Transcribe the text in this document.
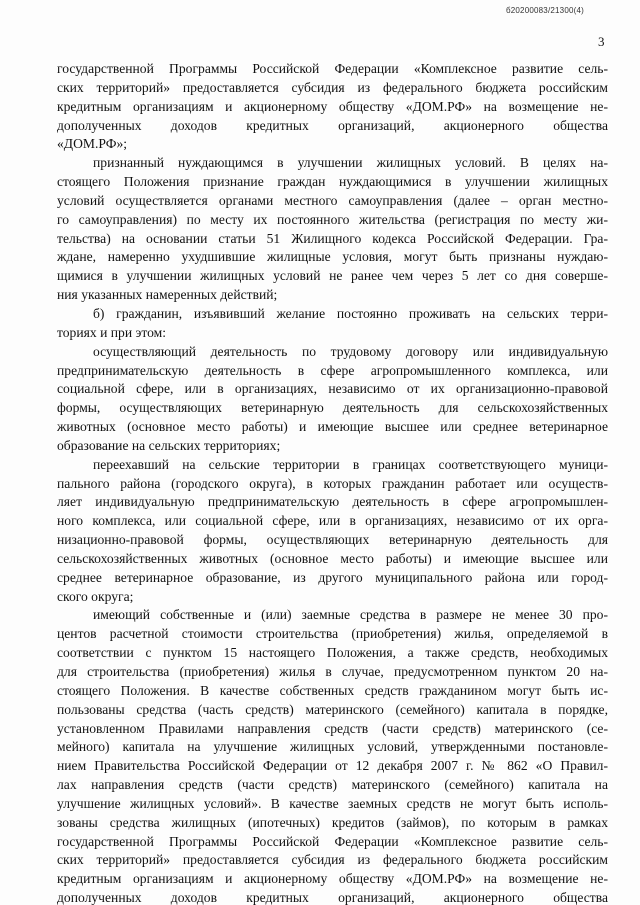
б20200083/21300(4)
3
государственной Программы Российской Федерации «Комплексное развитие сель-
ских территорий» предоставляется субсидия из федерального бюджета российским
кредитным организациям и акционерному обществу «ДОМ.РФ» на возмещение не-
дополученных доходов кредитных организаций, акционерного общества
«ДОМ.РФ»;
признанный нуждающимся в улучшении жилищных условий. В целях на-
стоящего Положения признание граждан нуждающимися в улучшении жилищных
условий осуществляется органами местного самоуправления (далее – орган местно-
го самоуправления) по месту их постоянного жительства (регистрация по месту жи-
тельства) на основании статьи 51 Жилищного кодекса Российской Федерации. Гра-
ждане, намеренно ухудшившие жилищные условия, могут быть признаны нуждаю-
щимися в улучшении жилищных условий не ранее чем через 5 лет со дня соверше-
ния указанных намеренных действий;
б) гражданин, изъявивший желание постоянно проживать на сельских терри-
ториях и при этом:
осуществляющий деятельность по трудовому договору или индивидуальную
предпринимательскую деятельность в сфере агропромышленного комплекса, или
социальной сфере, или в организациях, независимо от их организационно-правовой
формы, осуществляющих ветеринарную деятельность для сельскохозяйственных
животных (основное место работы) и имеющие высшее или среднее ветеринарное
образование на сельских территориях;
переехавший на сельские территории в границах соответствующего муници-
пального района (городского округа), в которых гражданин работает или осуществ-
ляет индивидуальную предпринимательскую деятельность в сфере агропромышлен-
ного комплекса, или социальной сфере, или в организациях, независимо от их орга-
низационно-правовой формы, осуществляющих ветеринарную деятельность для
сельскохозяйственных животных (основное место работы) и имеющие высшее или
среднее ветеринарное образование, из другого муниципального района или город-
ского округа;
имеющий собственные и (или) заемные средства в размере не менее 30 про-
центов расчетной стоимости строительства (приобретения) жилья, определяемой в
соответствии с пунктом 15 настоящего Положения, а также средств, необходимых
для строительства (приобретения) жилья в случае, предусмотренном пунктом 20 на-
стоящего Положения. В качестве собственных средств гражданином могут быть ис-
пользованы средства (часть средств) материнского (семейного) капитала в порядке,
установленном Правилами направления средств (части средств) материнского (се-
мейного) капитала на улучшение жилищных условий, утвержденными постановле-
нием Правительства Российской Федерации от 12 декабря 2007 г. № 862 «О Правил-
лах направления средств (части средств) материнского (семейного) капитала на
улучшение жилищных условий». В качестве заемных средств не могут быть исполь-
зованы средства жилищных (ипотечных) кредитов (займов), по которым в рамках
государственной Программы Российской Федерации «Комплексное развитие сель-
ских территорий» предоставляется субсидия из федерального бюджета российским
кредитным организациям и акционерному обществу «ДОМ.РФ» на возмещение не-
дополученных доходов кредитных организаций, акционерного общества
